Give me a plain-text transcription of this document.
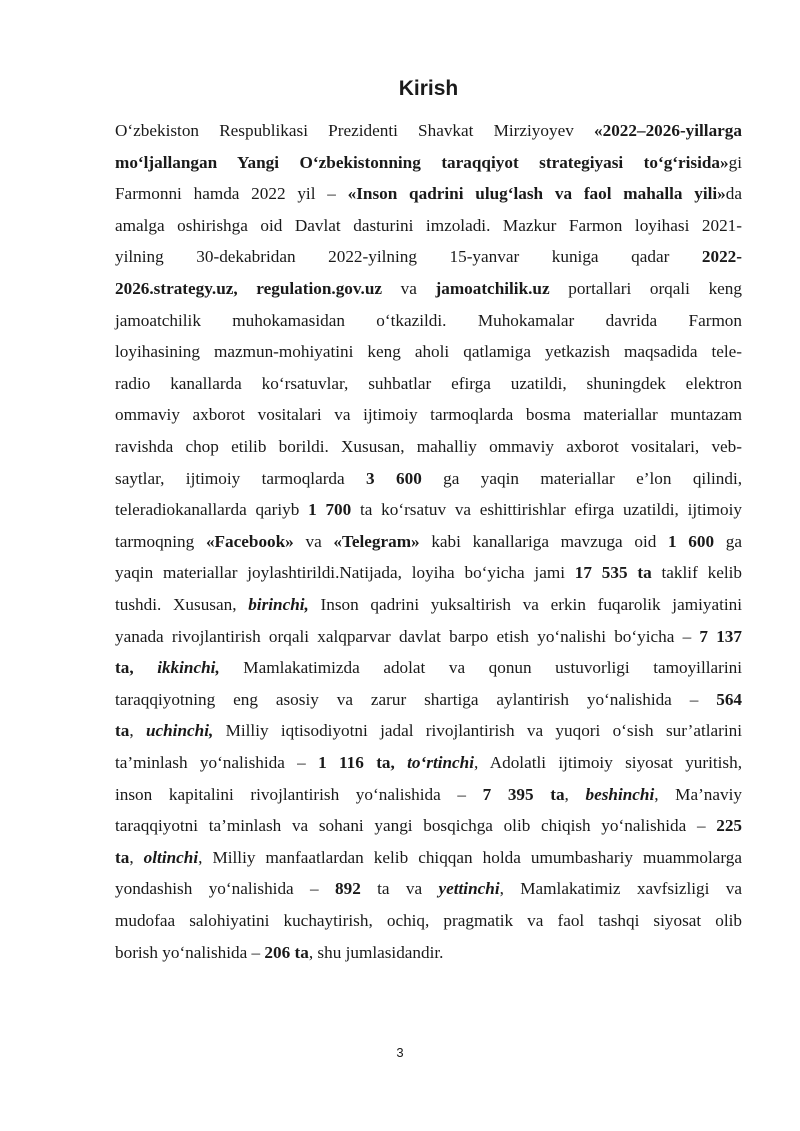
Kirish
O‘zbekiston Respublikasi Prezidenti Shavkat Mirziyoyev «2022–2026-yillarga
mo‘ljallangan Yangi O‘zbekistonning taraqqiyot strategiyasi to‘g‘risida»gi
Farmonni hamda 2022 yil – «Inson qadrini ulug‘lash va faol mahalla yili»da
amalga oshirishga oid Davlat dasturini imzoladi. Mazkur Farmon loyihasi 2021-
yilning 30-dekabridan 2022-yilning 15-yanvar kuniga qadar 2022-
2026.strategy.uz, regulation.gov.uz va jamoatchilik.uz portallari orqali keng
jamoatchilik muhokamasidan o‘tkazildi. Muhokamalar davrida Farmon
loyihasining mazmun-mohiyatini keng aholi qatlamiga yetkazish maqsadida tele-
radio kanallarda ko‘rsatuvlar, suhbatlar efirga uzatildi, shuningdek elektron
ommaviy axborot vositalari va ijtimoiy tarmoqlarda bosma materiallar muntazam
ravishda chop etilib borildi. Xususan, mahalliy ommaviy axborot vositalari, veb-
saytlar, ijtimoiy tarmoqlarda 3 600 ga yaqin materiallar e’lon qilindi,
teleradiokanallarda qariyb 1 700 ta ko‘rsatuv va eshittirishlar efirga uzatildi, ijtimoiy
tarmoqning «Facebook» va «Telegram» kabi kanallariga mavzuga oid 1 600 ga
yaqin materiallar joylashtirildi.Natijada, loyiha bo‘yicha jami 17 535 ta taklif kelib
tushdi. Xususan, birinchi, Inson qadrini yuksaltirish va erkin fuqarolik jamiyatini
yanada rivojlantirish orqali xalqparvar davlat barpo etish yo‘nalishi bo‘yicha – 7 137
ta, ikkinchi, Mamlakatimizda adolat va qonun ustuvorligi tamoyillarini
taraqqiyotning eng asosiy va zarur shartiga aylantirish yo‘nalishida – 564
ta, uchinchi, Milliy iqtisodiyotni jadal rivojlantirish va yuqori o‘sish sur’atlarini
ta’minlash yo‘nalishida – 1 116 ta, to‘rtinchi, Adolatli ijtimoiy siyosat yuritish,
inson kapitalini rivojlantirish yo‘nalishida – 7 395 ta, beshinchi, Ma’naviy
taraqqiyotni ta’minlash va sohani yangi bosqichga olib chiqish yo‘nalishida – 225
ta, oltinchi, Milliy manfaatlardan kelib chiqqan holda umumbashariy muammolarga
yondashish yo‘nalishida – 892 ta va yettinchi, Mamlakatimiz xavfsizligi va
mudofaa salohiyatini kuchaytirish, ochiq, pragmatik va faol tashqi siyosat olib
borish yo‘nalishida – 206 ta, shu jumlasidandir.
3
